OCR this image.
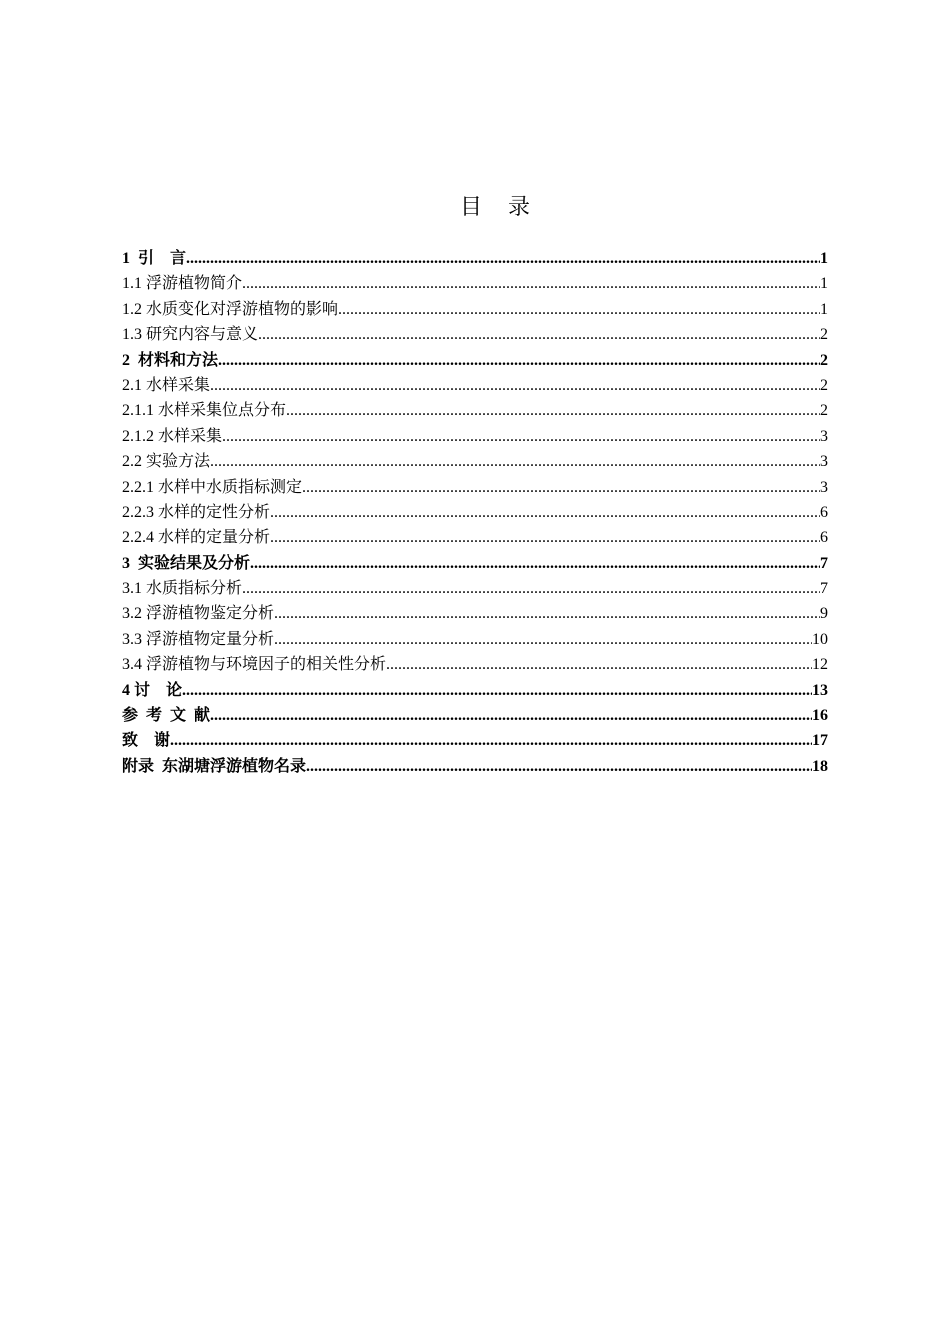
目 录
1  引    言 .....	1
1.1 浮游植物简介 .....	1
1.2 水质变化对浮游植物的影响 .....	1
1.3 研究内容与意义 .....	2
2  材料和方法 .....	2
2.1 水样采集 .....	2
2.1.1 水样采集位点分布 .....	2
2.1.2 水样采集 .....	3
2.2 实验方法 .....	3
2.2.1 水样中水质指标测定 .....	3
2.2.3 水样的定性分析 .....	6
2.2.4 水样的定量分析 .....	6
3  实验结果及分析 .....	7
3.1 水质指标分析 .....	7
3.2 浮游植物鉴定分析 .....	9
3.3 浮游植物定量分析 .....	10
3.4 浮游植物与环境因子的相关性分析 .....	12
4 讨    论 .....	13
参  考  文  献 .....	16
致    谢 .....	17
附录  东湖塘浮游植物名录 .....	18
